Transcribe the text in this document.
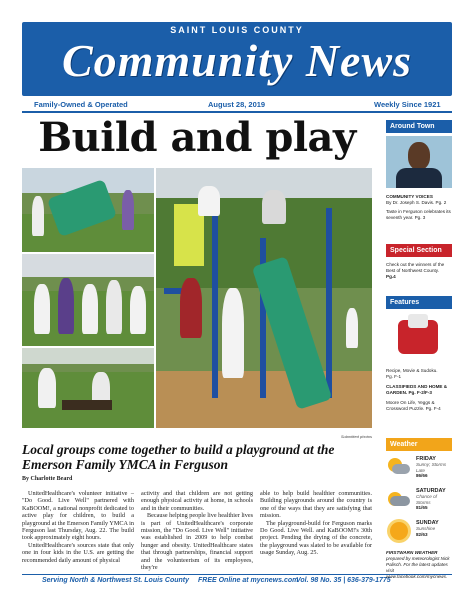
SAINT LOUIS COUNTY
Community News
Family-Owned & Operated	August 28, 2019	Weekly Since 1921
Build and play
Submitted photos
Local groups come together to build a playground at the Emerson Family YMCA in Ferguson
By Charlotte Beard

UnitedHealthcare's volunteer initiative – "Do Good. Live Well" partnered with KaBOOM!, a national nonprofit dedicated to active play for children, to build a playground at the Emerson Family YMCA in Ferguson last Thursday, Aug. 22. The build took approximately eight hours.

UnitedHealthcare's sources state that only one in four kids in the U.S. are getting the recommended daily amount of physical

activity and that children are not getting enough physical activity at home, in schools and in their communities.

Because helping people live healthier lives is part of UnitedHealthcare's corporate mission, the "Do Good. Live Well" initiative was established in 2009 to help combat hunger and obesity. UnitedHealthcare states that through partnerships, financial support and the volunteerism of its employees, they're

able to help build healthier communities. Building playgrounds around the country is one of the ways that they are satisfying that mission.

The playground-build for Ferguson marks Do Good. Live Well. and KaBOOM!'s 30th project. Pending the drying of the concrete, the playground was slated to be available for usage Sunday, Aug. 25.

Serving North & Northwest St. Louis County FREE Online at mycnews.com
Vol. 98 No. 35 | 636-379-1775
Around Town
COMMUNITY VOICES
By Dr. Joseph S. Davis. Pg. 2
Taste in Ferguson celebrates its seventh year. Pg. 3
Special Section
Check out the winners of the Best of Northwest County.
Pg.4
Features
Recipe, Movie & Sudoku.
Pg. F-1
CLASSIFIEDS AND HOME & GARDEN. Pg. F-2/F-3
Moore On Life, Yeggs & Crossword Puzzle. Pg. F-4
Weather
FRIDAY
Sunny; Storms Late
86/66
SATURDAY
Chance of Storms
81/65
SUNDAY
Sunshine
82/63
FIRSTWARN WEATHER
prepared by meteorologist Nick Palisch. For the latest updates visit www.facebook.com/mycnews.
